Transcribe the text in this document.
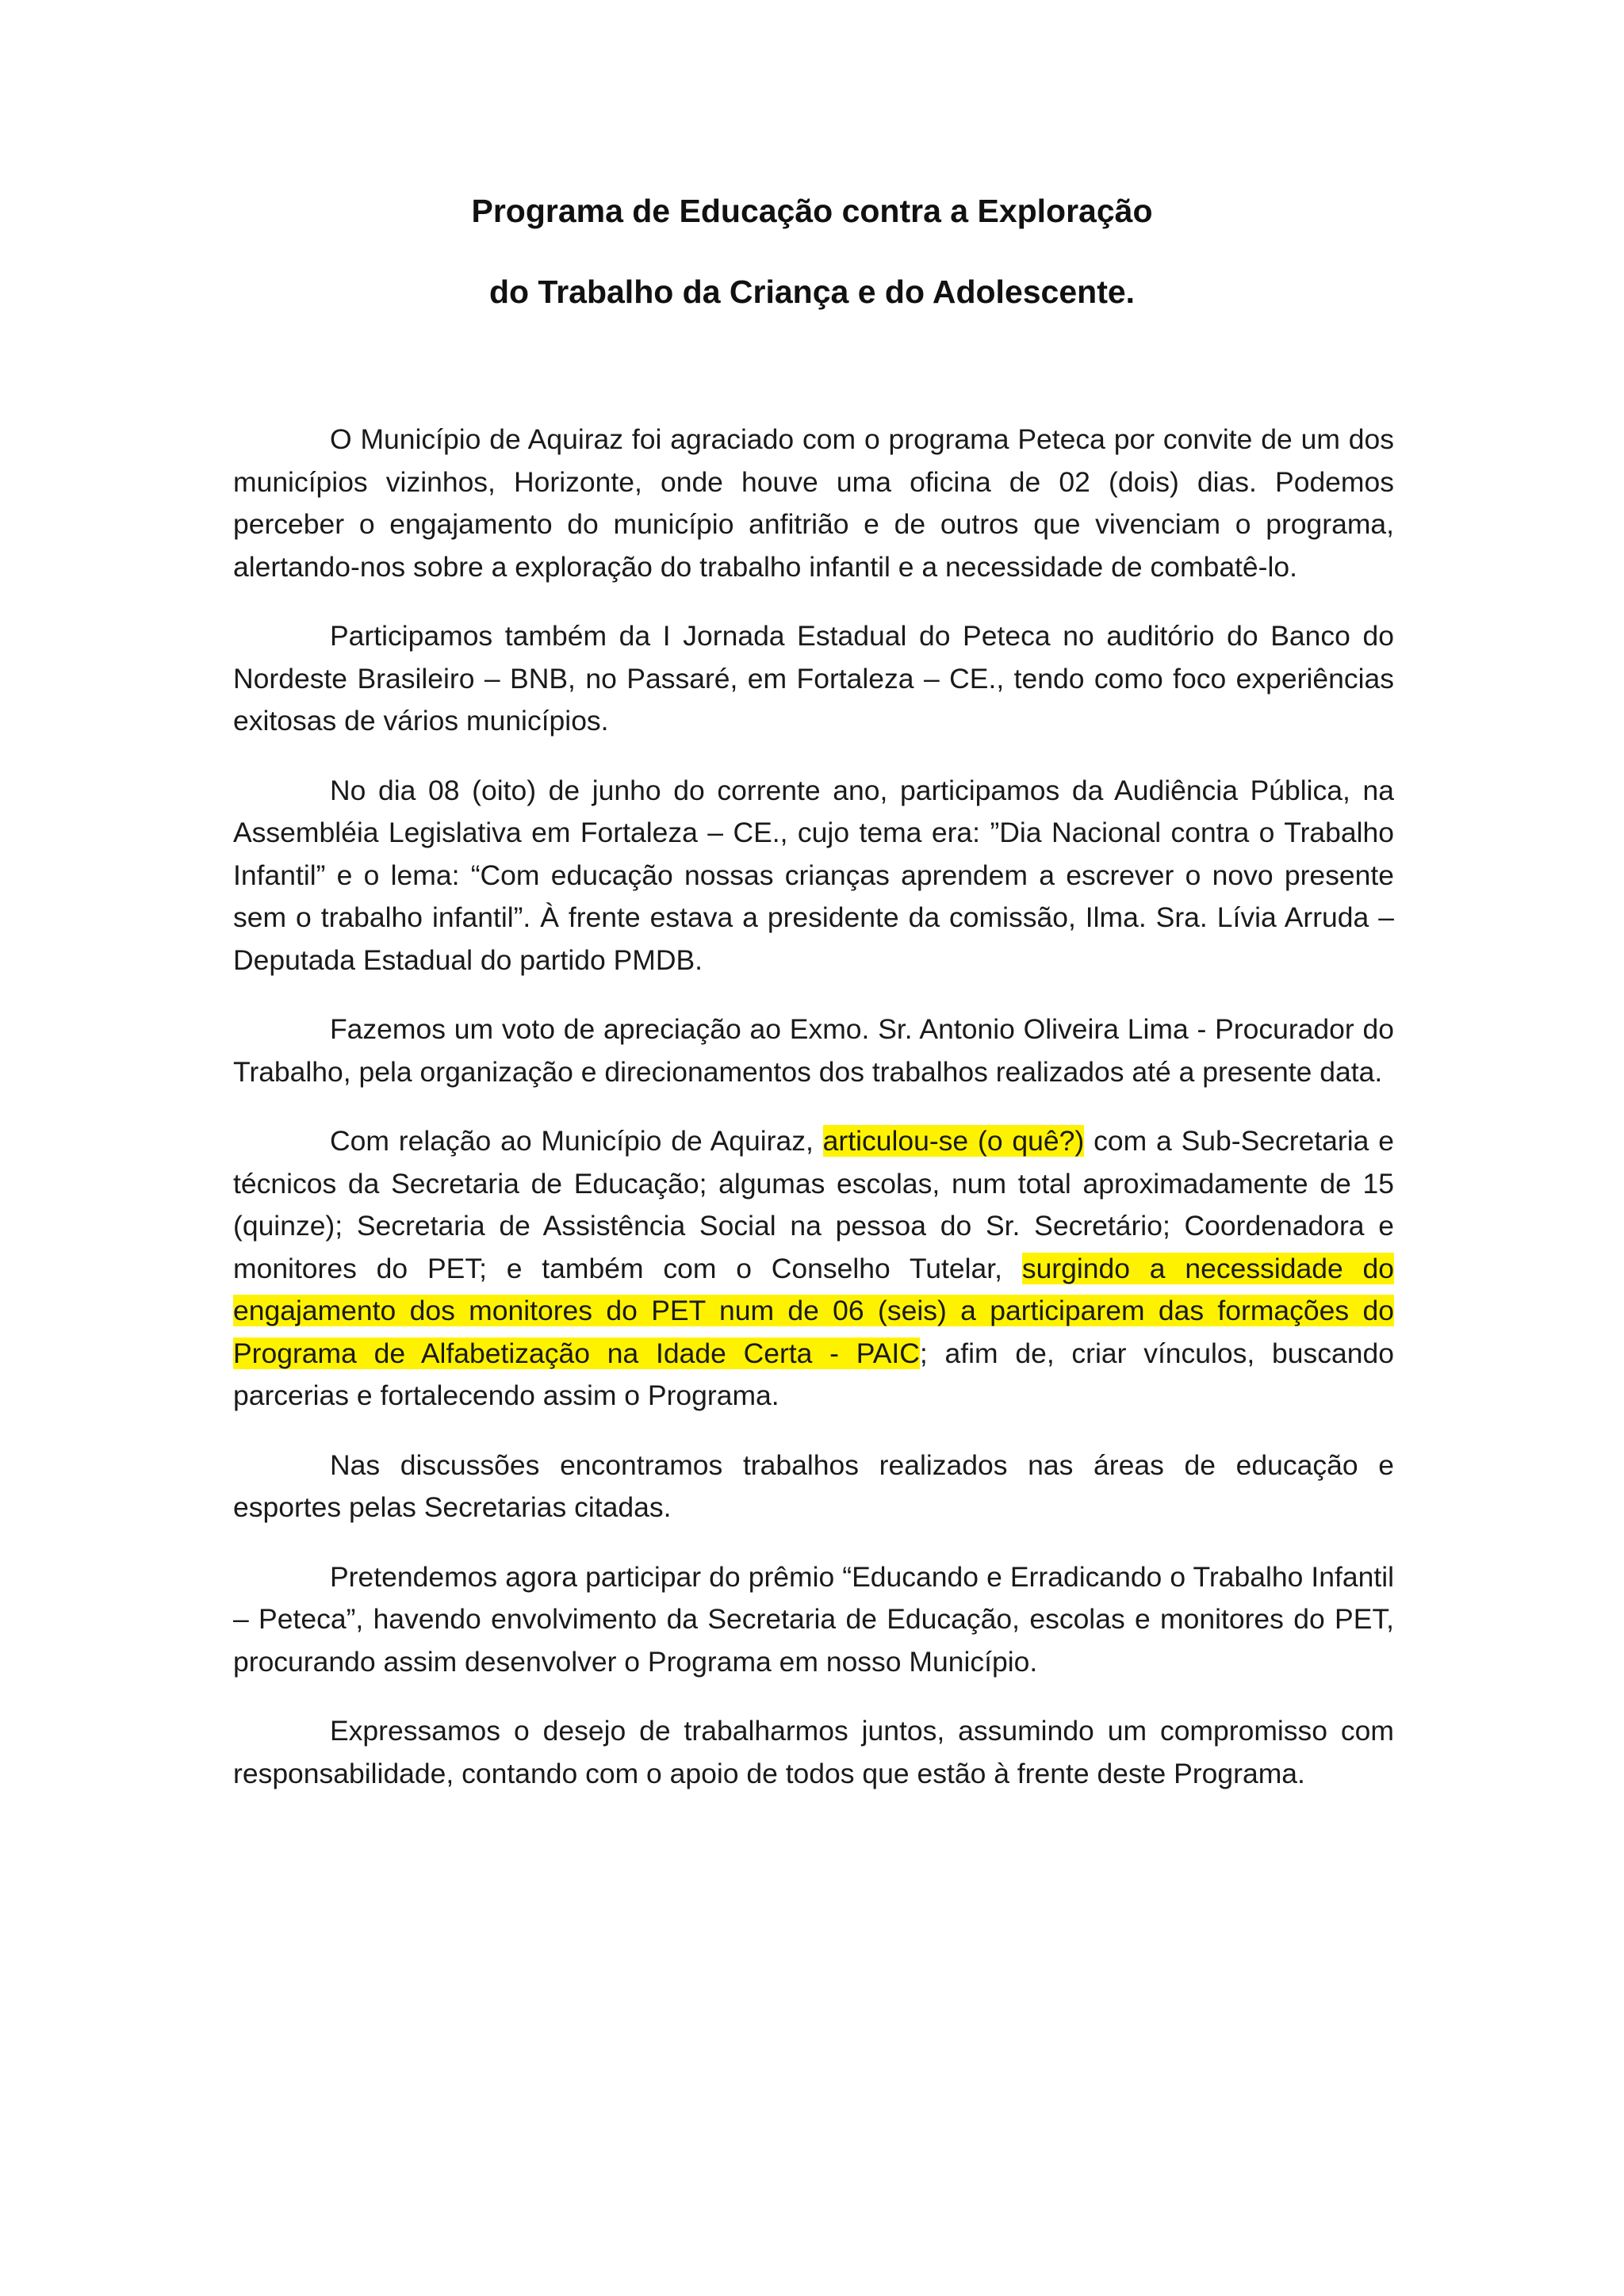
Programa de Educação contra a Exploração

do Trabalho da Criança e do Adolescente.

O Município de Aquiraz foi agraciado com o programa Peteca por convite de um dos municípios vizinhos, Horizonte, onde houve uma oficina de 02 (dois) dias. Podemos perceber o engajamento do município anfitrião e de outros que vivenciam o programa, alertando-nos sobre a exploração do trabalho infantil e a necessidade de combatê-lo.

Participamos também da I Jornada Estadual do Peteca no auditório do Banco do Nordeste Brasileiro – BNB, no Passaré, em Fortaleza – CE., tendo como foco experiências exitosas de vários municípios.

No dia 08 (oito) de junho do corrente ano, participamos da Audiência Pública, na Assembléia Legislativa em Fortaleza – CE., cujo tema era: ”Dia Nacional contra o Trabalho Infantil” e o lema: “Com educação nossas crianças aprendem a escrever o novo presente sem o trabalho infantil”. À frente estava a presidente da comissão, Ilma. Sra. Lívia Arruda – Deputada Estadual do partido PMDB.

Fazemos um voto de apreciação ao Exmo. Sr. Antonio Oliveira Lima - Procurador do Trabalho, pela organização e direcionamentos dos trabalhos realizados até a presente data.

Com relação ao Município de Aquiraz, articulou-se (o quê?) com a Sub-Secretaria e técnicos da Secretaria de Educação; algumas escolas, num total aproximadamente de 15 (quinze); Secretaria de Assistência Social na pessoa do Sr. Secretário; Coordenadora e monitores do PET; e também com o Conselho Tutelar, surgindo a necessidade do engajamento dos monitores do PET num de 06 (seis) a participarem das formações do Programa de Alfabetização na Idade Certa - PAIC; afim de, criar vínculos, buscando parcerias e fortalecendo assim o Programa.

Nas discussões encontramos trabalhos realizados nas áreas de educação e esportes pelas Secretarias citadas.

Pretendemos agora participar do prêmio “Educando e Erradicando o Trabalho Infantil – Peteca”, havendo envolvimento da Secretaria de Educação, escolas e monitores do PET, procurando assim desenvolver o Programa em nosso Município.

Expressamos o desejo de trabalharmos juntos, assumindo um compromisso com responsabilidade, contando com o apoio de todos que estão à frente deste Programa.
